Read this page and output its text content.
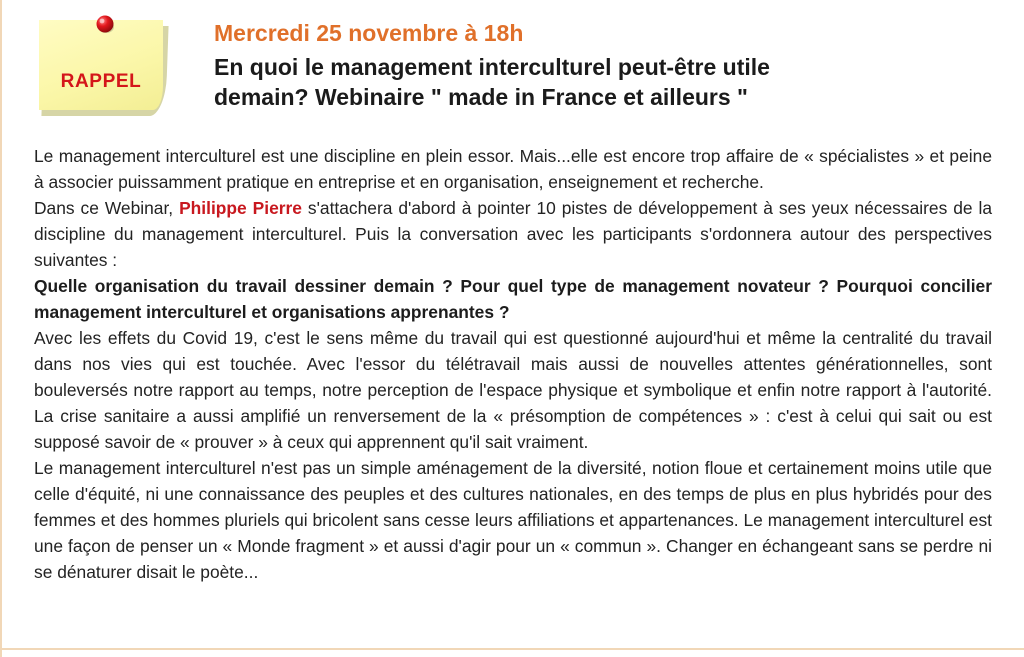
RAPPEL
Mercredi 25 novembre à 18h
En quoi le management interculturel peut-être utile
demain? Webinaire " made in France et ailleurs "

Le management interculturel est une discipline en plein essor. Mais...elle est encore trop affaire de « spécialistes » et peine à associer puissamment pratique en entreprise et en organisation, enseignement et recherche.

Dans ce Webinar, Philippe Pierre s'attachera d'abord à pointer 10 pistes de développement à ses yeux nécessaires de la discipline du management interculturel. Puis la conversation avec les participants s'ordonnera autour des perspectives suivantes :

Quelle organisation du travail dessiner demain ? Pour quel type de management novateur ? Pourquoi concilier management interculturel et organisations apprenantes ?

Avec les effets du Covid 19, c'est le sens même du travail qui est questionné aujourd'hui et même la centralité du travail dans nos vies qui est touchée. Avec l'essor du télétravail mais aussi de nouvelles attentes générationnelles, sont bouleversés notre rapport au temps, notre perception de l'espace physique et symbolique et enfin notre rapport à l'autorité. La crise sanitaire a aussi amplifié un renversement de la « présomption de compétences » : c'est à celui qui sait ou est supposé savoir de « prouver » à ceux qui apprennent qu'il sait vraiment.

Le management interculturel n'est pas un simple aménagement de la diversité, notion floue et certainement moins utile que celle d'équité, ni une connaissance des peuples et des cultures nationales, en des temps de plus en plus hybridés pour des femmes et des hommes pluriels qui bricolent sans cesse leurs affiliations et appartenances. Le management interculturel est une façon de penser un « Monde fragment » et aussi d'agir pour un « commun ». Changer en échangeant sans se perdre ni se dénaturer disait le poète...
